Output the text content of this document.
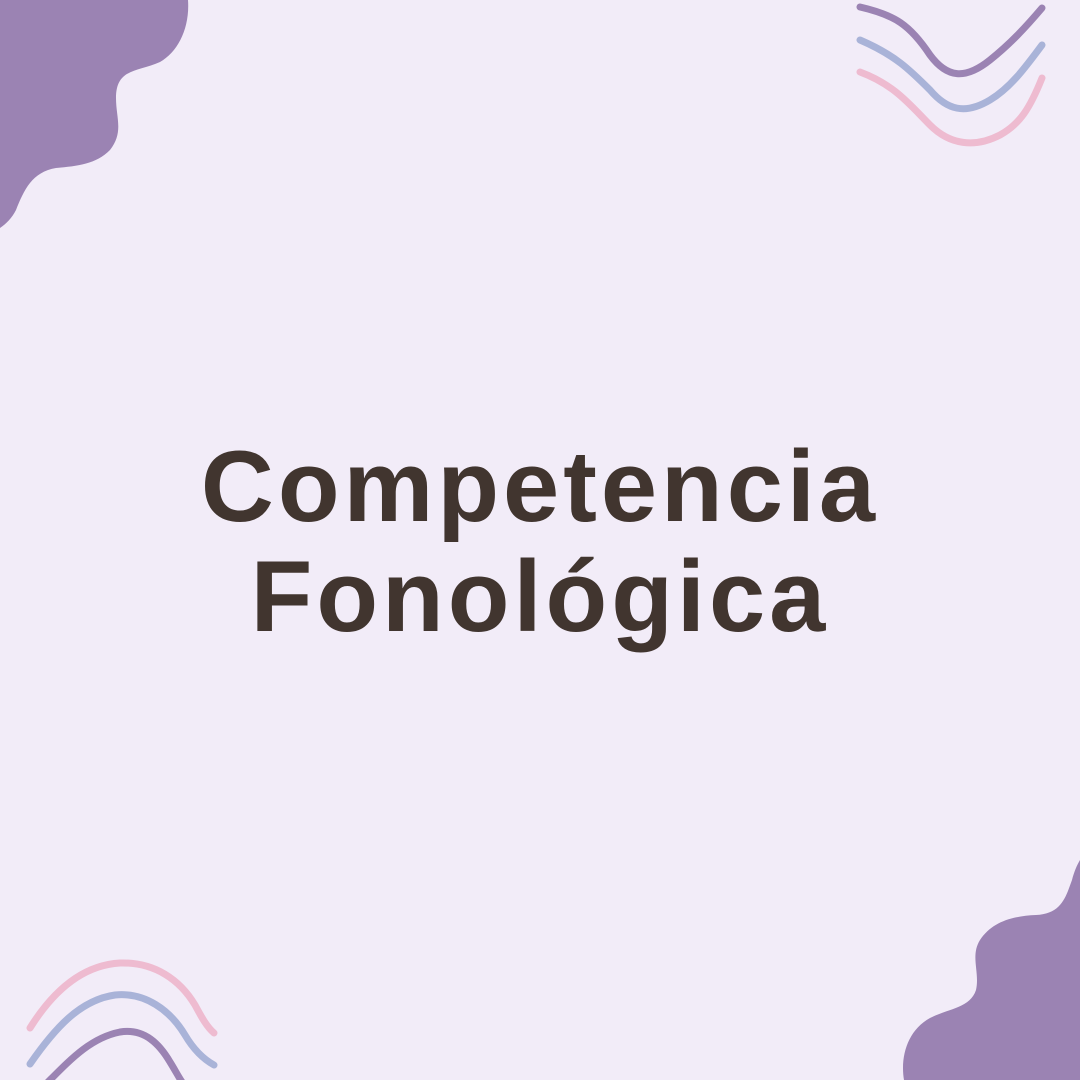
Competencia
Fonológica
